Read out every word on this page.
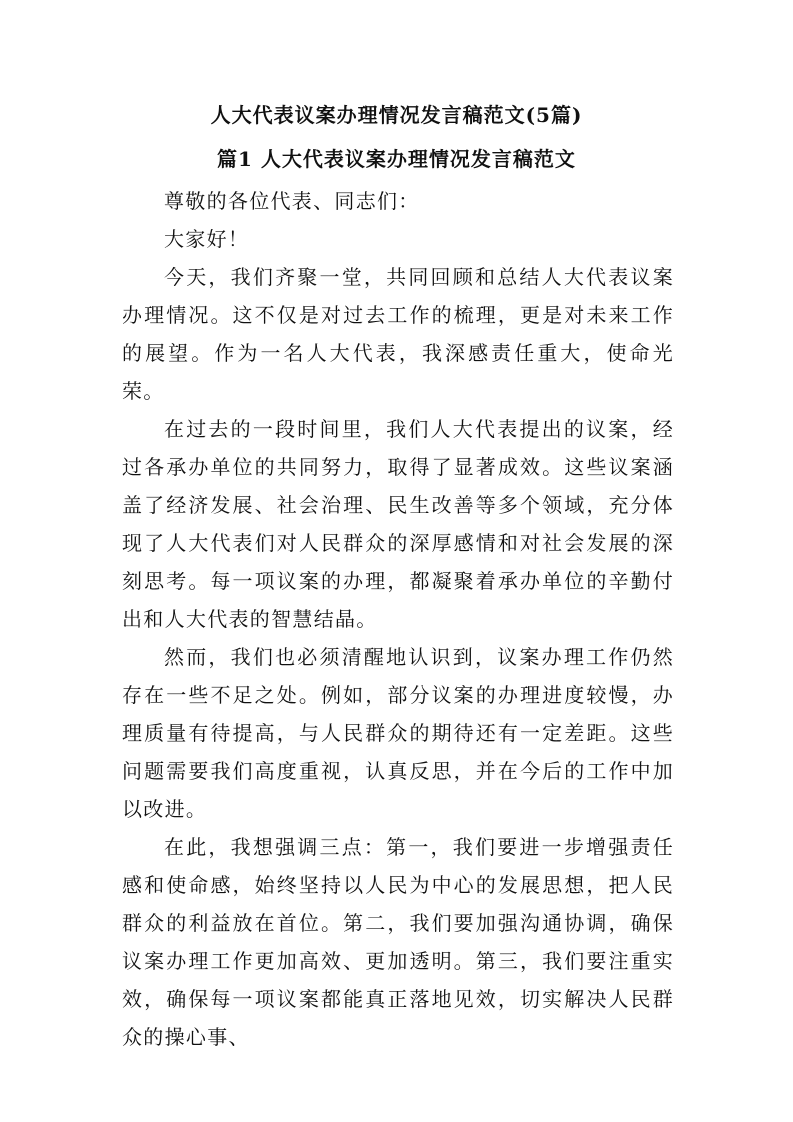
人大代表议案办理情况发言稿范文(5篇)
篇1 人大代表议案办理情况发言稿范文

尊敬的各位代表、同志们：

大家好！

今天，我们齐聚一堂，共同回顾和总结人大代表议案办理情况。这不仅是对过去工作的梳理，更是对未来工作的展望。作为一名人大代表，我深感责任重大，使命光荣。

在过去的一段时间里，我们人大代表提出的议案，经过各承办单位的共同努力，取得了显著成效。这些议案涵盖了经济发展、社会治理、民生改善等多个领域，充分体现了人大代表们对人民群众的深厚感情和对社会发展的深刻思考。每一项议案的办理，都凝聚着承办单位的辛勤付出和人大代表的智慧结晶。

然而，我们也必须清醒地认识到，议案办理工作仍然存在一些不足之处。例如，部分议案的办理进度较慢，办理质量有待提高，与人民群众的期待还有一定差距。这些问题需要我们高度重视，认真反思，并在今后的工作中加以改进。

在此，我想强调三点：第一，我们要进一步增强责任感和使命感，始终坚持以人民为中心的发展思想，把人民群众的利益放在首位。第二，我们要加强沟通协调，确保议案办理工作更加高效、更加透明。第三，我们要注重实效，确保每一项议案都能真正落地见效，切实解决人民群众的操心事、
